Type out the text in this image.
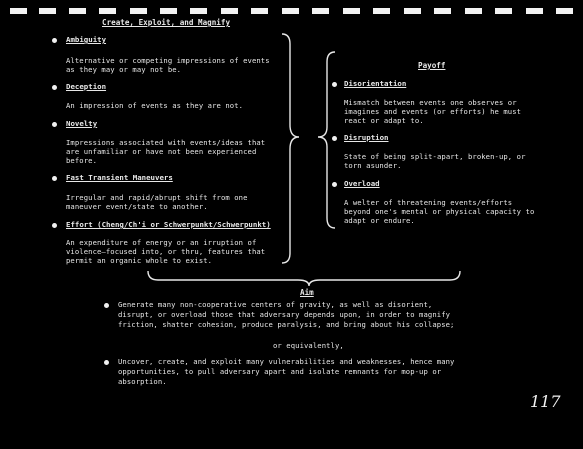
Create, Exploit, and Magnify
Ambiguity
Alternative or competing impressions of events
as they may or may not be.
Deception
An impression of events as they are not.
Novelty
Impressions associated with events/ideas that
are unfamiliar or have not been experienced
before.
Fast Transient Maneuvers
Irregular and rapid/abrupt shift from one
maneuver event/state to another.
Effort (Cheng/Ch'i or Schwerpunkt/Schwerpunkt)
An expenditure of energy or an irruption of
violence—focused into, or thru, features that
permit an organic whole to exist.
Payoff
Disorientation
Mismatch between events one observes or
imagines and events (or efforts) he must
react or adapt to.
Disruption
State of being split-apart, broken-up, or
torn asunder.
Overload
A welter of threatening events/efforts
beyond one's mental or physical capacity to
adapt or endure.
Aim
Generate many non-cooperative centers of gravity, as well as disorient,
disrupt, or overload those that adversary depends upon, in order to magnify
friction, shatter cohesion, produce paralysis, and bring about his collapse;
or equivalently,
Uncover, create, and exploit many vulnerabilities and weaknesses, hence many
opportunities, to pull adversary apart and isolate remnants for mop-up or
absorption.
117
